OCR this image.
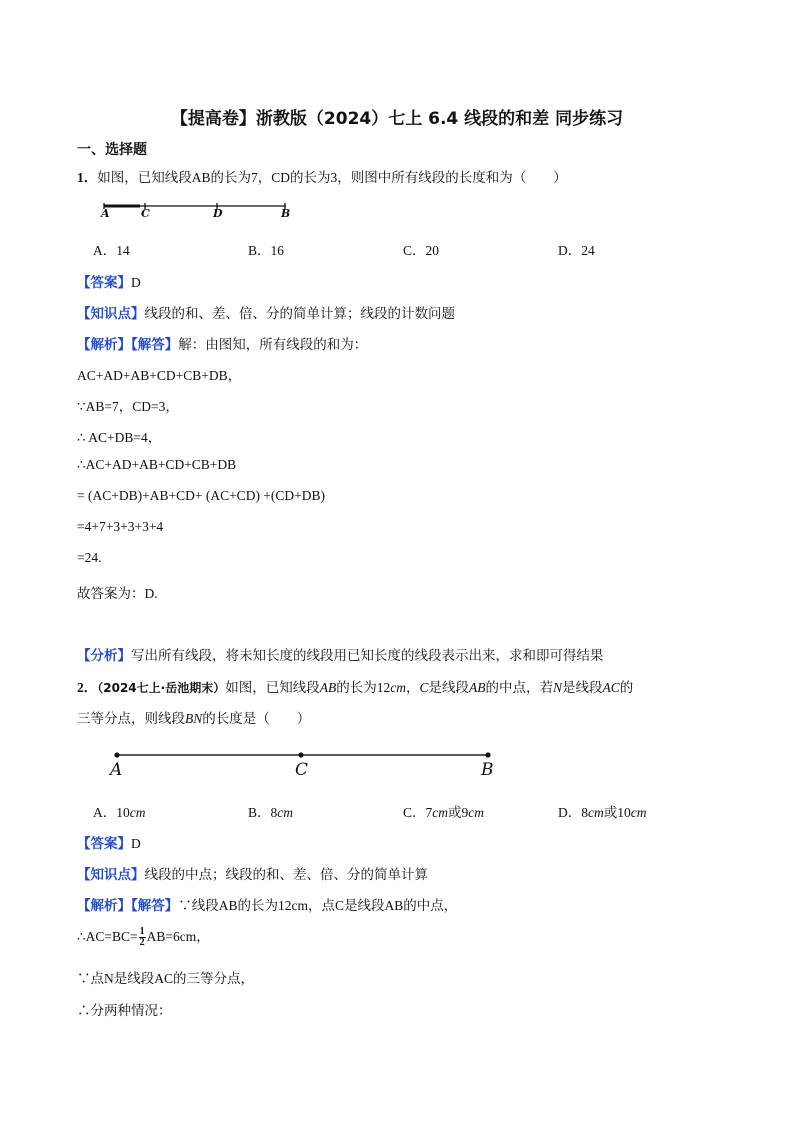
【提高卷】浙教版（2024）七上 6.4 线段的和差 同步练习
一、选择题
1．如图，已知线段AB的长为7，CD的长为3，则图中所有线段的长度和为（　　）
A	C	D	B
A．14	B．16	C．20	D．24
【答案】D
【知识点】线段的和、差、倍、分的简单计算；线段的计数问题
【解析】【解答】解：由图知，所有线段的和为：
AC+AD+AB+CD+CB+DB，
∵AB=7，CD=3，
∴ AC+DB=4，
∴AC+AD+AB+CD+CB+DB
= (AC+DB)+AB+CD+ (AC+CD) +(CD+DB)
=4+7+3+3+3+4
=24.
故答案为：D.
【分析】写出所有线段，将未知长度的线段用已知长度的线段表示出来，求和即可得结果
2．（2024七上·岳池期末）如图，已知线段AB的长为12cm，C是线段AB的中点，若N是线段AC的
三等分点，则线段BN的长度是（　　）
A	C	B
A．10cm	B．8cm	C．7cm或9cm	D．8cm或10cm
【答案】D
【知识点】线段的中点；线段的和、差、倍、分的简单计算
【解析】【解答】∵线段AB的长为12cm，点C是线段AB的中点，
∴AC=BC= $\frac{1}{2} AB=6cm$，
∵点N是线段AC的三等分点，
∴分两种情况：
